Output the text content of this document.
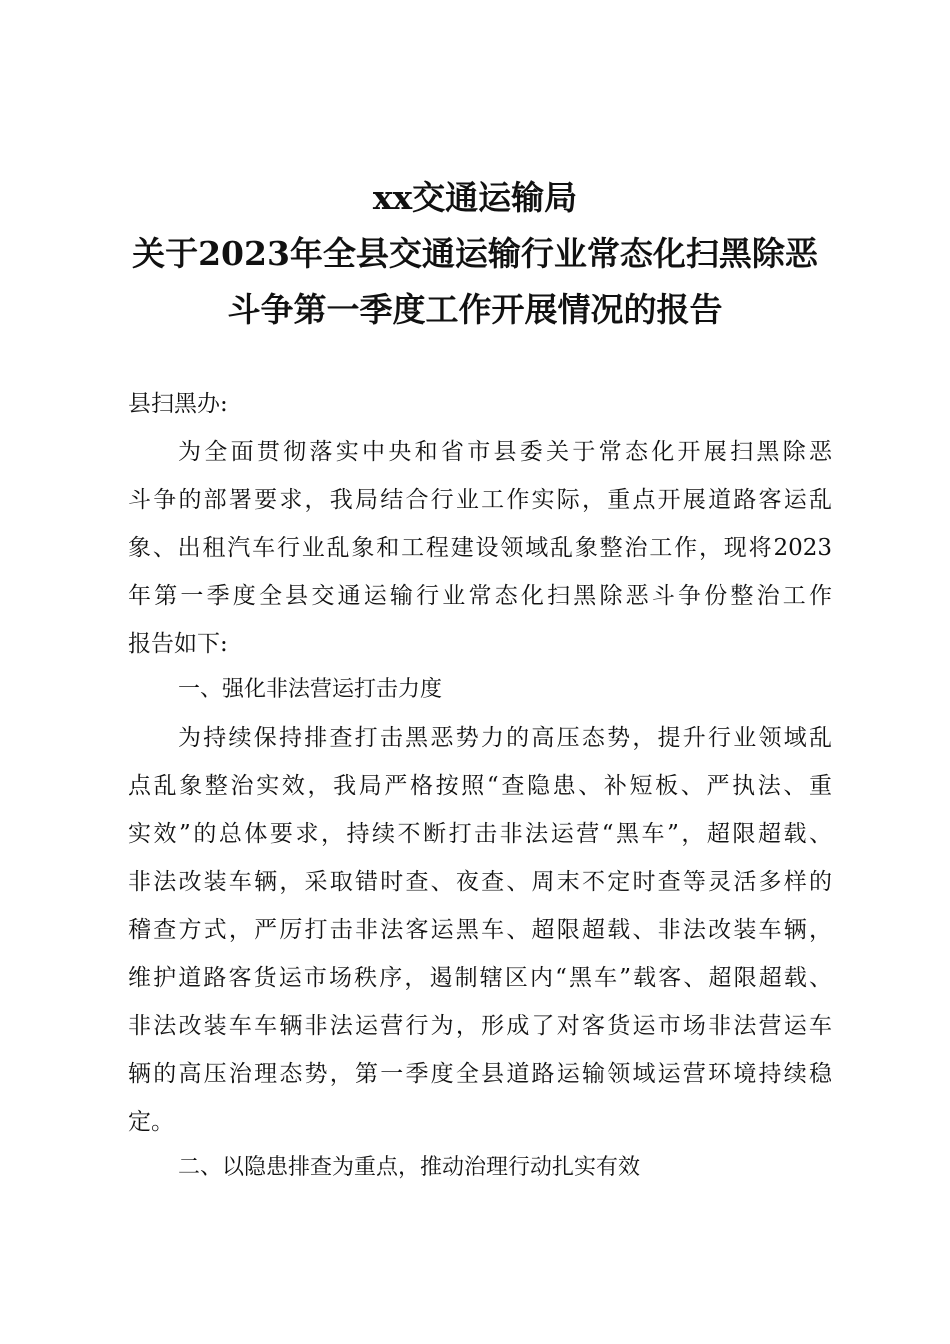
xx交通运输局
关于2023年全县交通运输行业常态化扫黑除恶
斗争第一季度工作开展情况的报告
县扫黑办:
为全面贯彻落实中央和省市县委关于常态化开展扫黑除恶
斗争的部署要求，我局结合行业工作实际，重点开展道路客运乱
象、出租汽车行业乱象和工程建设领域乱象整治工作，现将2023
年第一季度全县交通运输行业常态化扫黑除恶斗争份整治工作
报告如下:
一、强化非法营运打击力度
为持续保持排查打击黑恶势力的高压态势，提升行业领域乱
点乱象整治实效，我局严格按照“查隐患、补短板、严执法、重
实效”的总体要求，持续不断打击非法运营“黑车”，超限超载、
非法改装车辆，采取错时查、夜查、周末不定时查等灵活多样的
稽查方式，严厉打击非法客运黑车、超限超载、非法改装车辆，
维护道路客货运市场秩序，遏制辖区内“黑车”载客、超限超载、
非法改装车车辆非法运营行为，形成了对客货运市场非法营运车
辆的高压治理态势，第一季度全县道路运输领域运营环境持续稳
定。
二、以隐患排查为重点，推动治理行动扎实有效
